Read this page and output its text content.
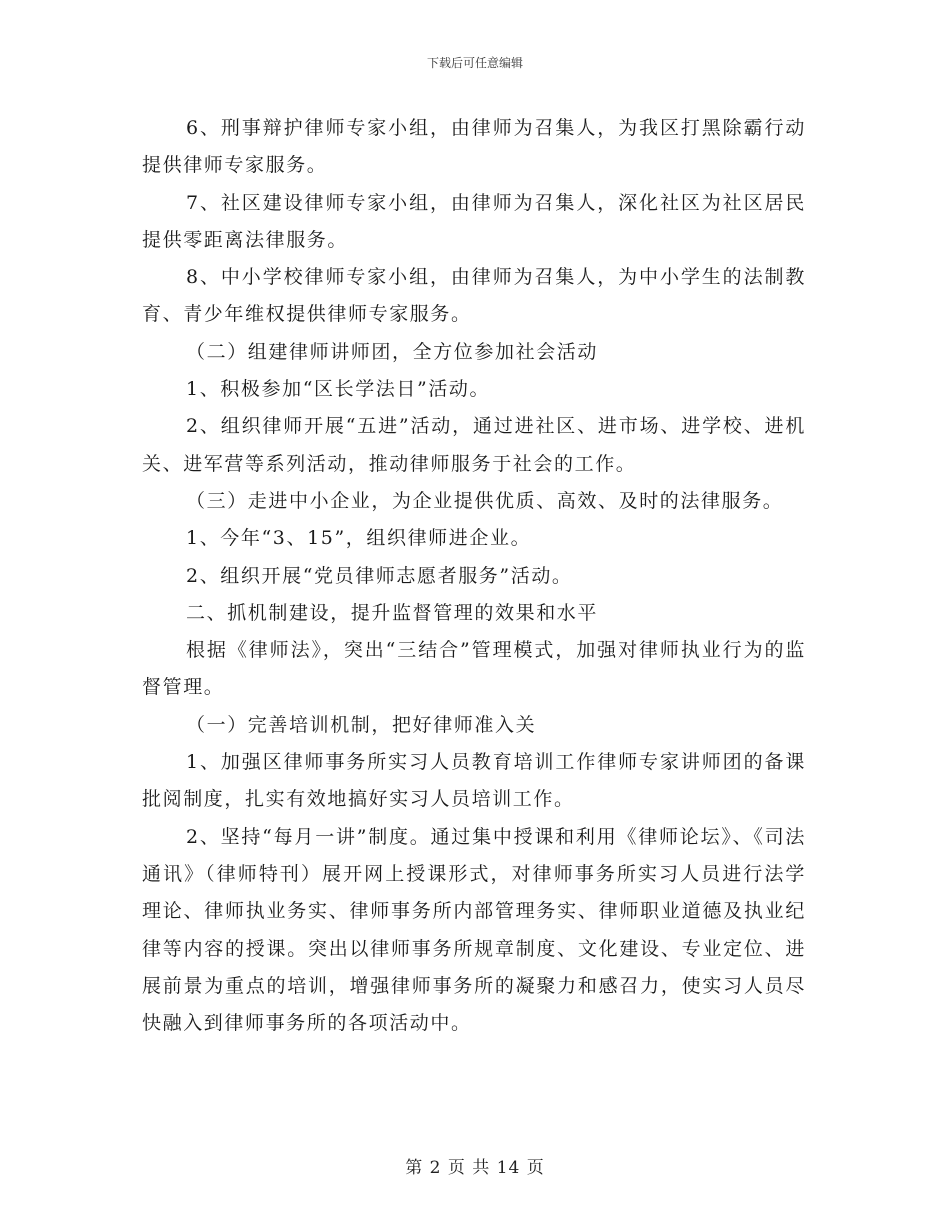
下载后可任意编辑

6、刑事辩护律师专家小组，由律师为召集人，为我区打黑除霸行动提供律师专家服务。

7、社区建设律师专家小组，由律师为召集人，深化社区为社区居民提供零距离法律服务。

8、中小学校律师专家小组，由律师为召集人，为中小学生的法制教育、青少年维权提供律师专家服务。

（二）组建律师讲师团，全方位参加社会活动

1、积极参加“区长学法日”活动。

2、组织律师开展“五进”活动，通过进社区、进市场、进学校、进机关、进军营等系列活动，推动律师服务于社会的工作。

（三）走进中小企业，为企业提供优质、高效、及时的法律服务。

1、今年“3、15”，组织律师进企业。

2、组织开展“党员律师志愿者服务”活动。

二、抓机制建设，提升监督管理的效果和水平

根据《律师法》，突出“三结合”管理模式，加强对律师执业行为的监督管理。

（一）完善培训机制，把好律师准入关

1、加强区律师事务所实习人员教育培训工作律师专家讲师团的备课批阅制度，扎实有效地搞好实习人员培训工作。

2、坚持“每月一讲”制度。通过集中授课和利用《律师论坛》、《司法通讯》（律师特刊）展开网上授课形式，对律师事务所实习人员进行法学理论、律师执业务实、律师事务所内部管理务实、律师职业道德及执业纪律等内容的授课。突出以律师事务所规章制度、文化建设、专业定位、进展前景为重点的培训，增强律师事务所的凝聚力和感召力，使实习人员尽快融入到律师事务所的各项活动中。

第 2 页 共 14 页
